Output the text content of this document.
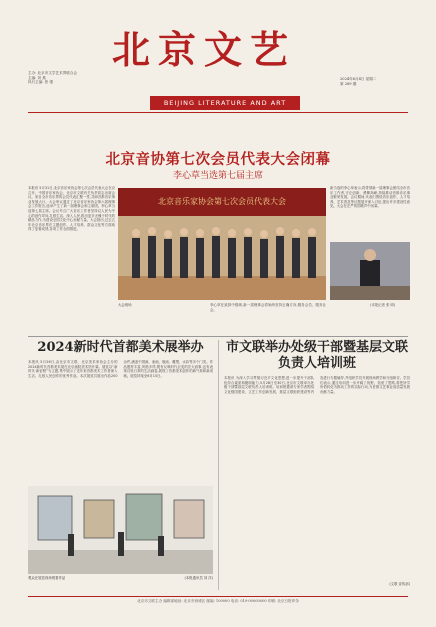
主办: 北京市文学艺术界联合会
主编: 刘 燕
执行主编: 张 强
北京文艺
2024年6月4日 星期二
第 289 期
BEIJING LITERATURE AND ART
北京音协第七次会员代表大会闭幕
李心草当选第七届主席
本报讯 5月31日,北京音乐家协会第七次会员代表大会在京召开。中国音乐家协会、北京市文联有关负责同志出席会议。来自全市音乐界的会员代表汇聚一堂,共商首都音乐事业发展大计。大会审议通过了北京音乐家协会第六届理事会工作报告,选举产生了新一届理事会和主席团。李心草当选第七届主席。会议号召广大音乐工作者坚持以人民为中心的创作导向,扎根生活、深入人民,推出更多无愧于时代的精品力作,为建设全国文化中心贡献力量。大会指出,过去五年北京音乐界在主题创作、人才培养、群众文化等方面取得了显著成绩,各项工作全面推进。
北京音乐家协会第七次会员代表大会
大会现场	李心草在致辞中强调,新一届理事会将始终坚持正确方向,服务会员、服务社会。
新当选的李心草表示,将带领新一届理事会团结全市音乐工作者,守正创新、勇攀高峰,持续推动首都音乐事业繁荣发展。会议期间,代表们围绕音乐创作、人才培养、艺术普及等议题展开深入讨论,提出许多建设性意见。大会在庄严的国歌声中闭幕。
(本报记者 张 明)
2024新时代首都美术展举办
本报讯 5月26日,由北京市文联、北京美术家协会主办的2024新时代首都美术展在北京画院美术馆开幕。展览以“新时代·新征程”为主题,集中展示了近年来首都美术工作者深入生活、扎根人民创作的优秀作品。本次展览共展出作品200余件,涵盖中国画、油画、版画、雕塑、水彩等多个门类。作品题材丰富,风格多样,既有反映时代巨变的宏大叙事,也有表现百姓日常的生活画卷,展现了首都美术创作的新气象和新成就。展览持续至6月15日。
观众在展览现场观看作品	(本报通讯员 刘 洋)
市文联举办处级干部暨基层文联负责人培训班
本报讯 为深入学习贯彻习近平文化思想,进一步提升干部队伍综合素质和履职能力,5月28日至30日,北京市文联举办处级干部暨基层文联负责人培训班。培训班邀请专家学者围绕文化强国建设、文艺工作创新发展、基层文联组织建设等内容进行专题辅导,并组织学员开展现场教学和分组研讨。学员们表示,通过培训进一步开阔了视野、拓宽了思路,将把所学所悟转化为推动工作的实际行动,为首都文艺事业高质量发展贡献力量。
(文联 宣传部)
北京市文联主办 编辑部地址: 北京市西城区 邮编: 100000 电话: 010-00000000 印刷: 北京日报印务
